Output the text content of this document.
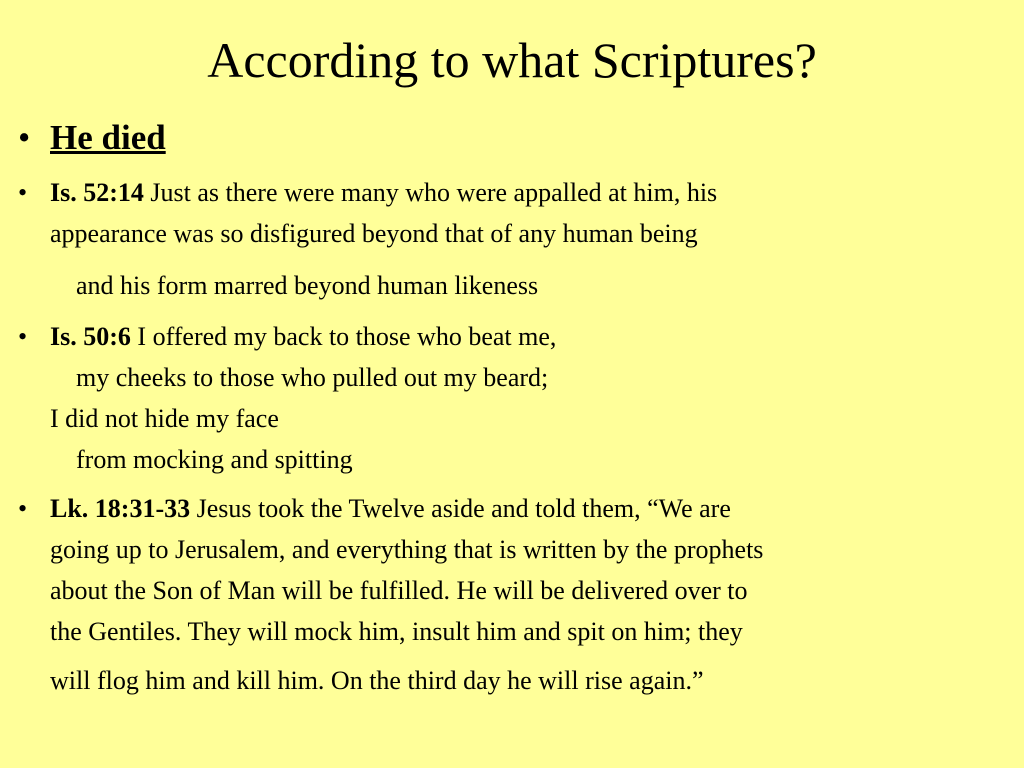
According to what Scriptures?
• He died
• Is. 52:14 Just as there were many who were appalled at him, his
appearance was so disfigured beyond that of any human being
and his form marred beyond human likeness
• Is. 50:6 I offered my back to those who beat me,
my cheeks to those who pulled out my beard;
I did not hide my face
from mocking and spitting
• Lk. 18:31-33 Jesus took the Twelve aside and told them, “We are
going up to Jerusalem, and everything that is written by the prophets
about the Son of Man will be fulfilled. He will be delivered over to
the Gentiles. They will mock him, insult him and spit on him; they
will flog him and kill him. On the third day he will rise again.”
